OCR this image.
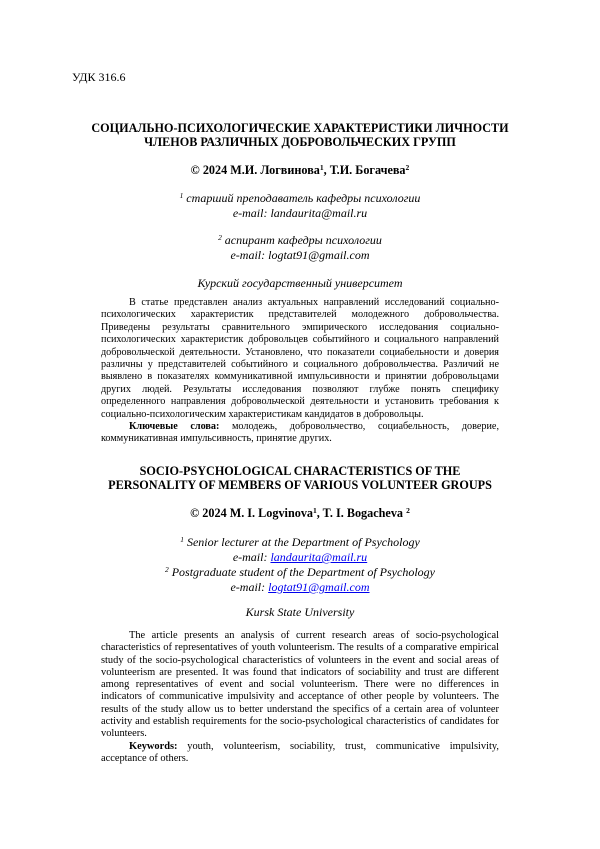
УДК 316.6
СОЦИАЛЬНО-ПСИХОЛОГИЧЕСКИЕ ХАРАКТЕРИСТИКИ ЛИЧНОСТИ
ЧЛЕНОВ РАЗЛИЧНЫХ ДОБРОВОЛЬЧЕСКИХ ГРУПП
© 2024 М.И. Логвинова$^1$, Т.И. Богачева$^2$
$^1$ старший преподаватель кафедры психологии
e-mail: landaurita@mail.ru
$^2$ аспирант кафедры психологии
e-mail: logtat91@gmail.com
Курский государственный университет

В статье представлен анализ актуальных направлений исследований социально-психологических характеристик представителей молодежного добровольчества. Приведены результаты сравнительного эмпирического исследования социально-психологических характеристик добровольцев событийного и социального направлений добровольческой деятельности. Установлено, что показатели социабельности и доверия различны у представителей событийного и социального добровольчества. Различий не выявлено в показателях коммуникативной импульсивности и принятии добровольцами других людей. Результаты исследования позволяют глубже понять специфику определенного направления добровольческой деятельности и установить требования к социально-психологическим характеристикам кандидатов в добровольцы.

Ключевые слова: молодежь, добровольчество, социабельность, доверие, коммуникативная импульсивность, принятие других.

SOCIO-PSYCHOLOGICAL CHARACTERISTICS OF THE
PERSONALITY OF MEMBERS OF VARIOUS VOLUNTEER GROUPS
© 2024 M. I. Logvinova$^1$, T. I. Bogacheva $^2$
$^1$ Senior lecturer at the Department of Psychology
e-mail: landaurita@mail.ru
$^2$ Postgraduate student of the Department of Psychology
e-mail: logtat91@gmail.com
Kursk State University

The article presents an analysis of current research areas of socio-psychological characteristics of representatives of youth volunteerism. The results of a comparative empirical study of the socio-psychological characteristics of volunteers in the event and social areas of volunteerism are presented. It was found that indicators of sociability and trust are different among representatives of event and social volunteerism. There were no differences in indicators of communicative impulsivity and acceptance of other people by volunteers. The results of the study allow us to better understand the specifics of a certain area of volunteer activity and establish requirements for the socio-psychological characteristics of candidates for volunteers.

Keywords: youth, volunteerism, sociability, trust, communicative impulsivity, acceptance of others.
